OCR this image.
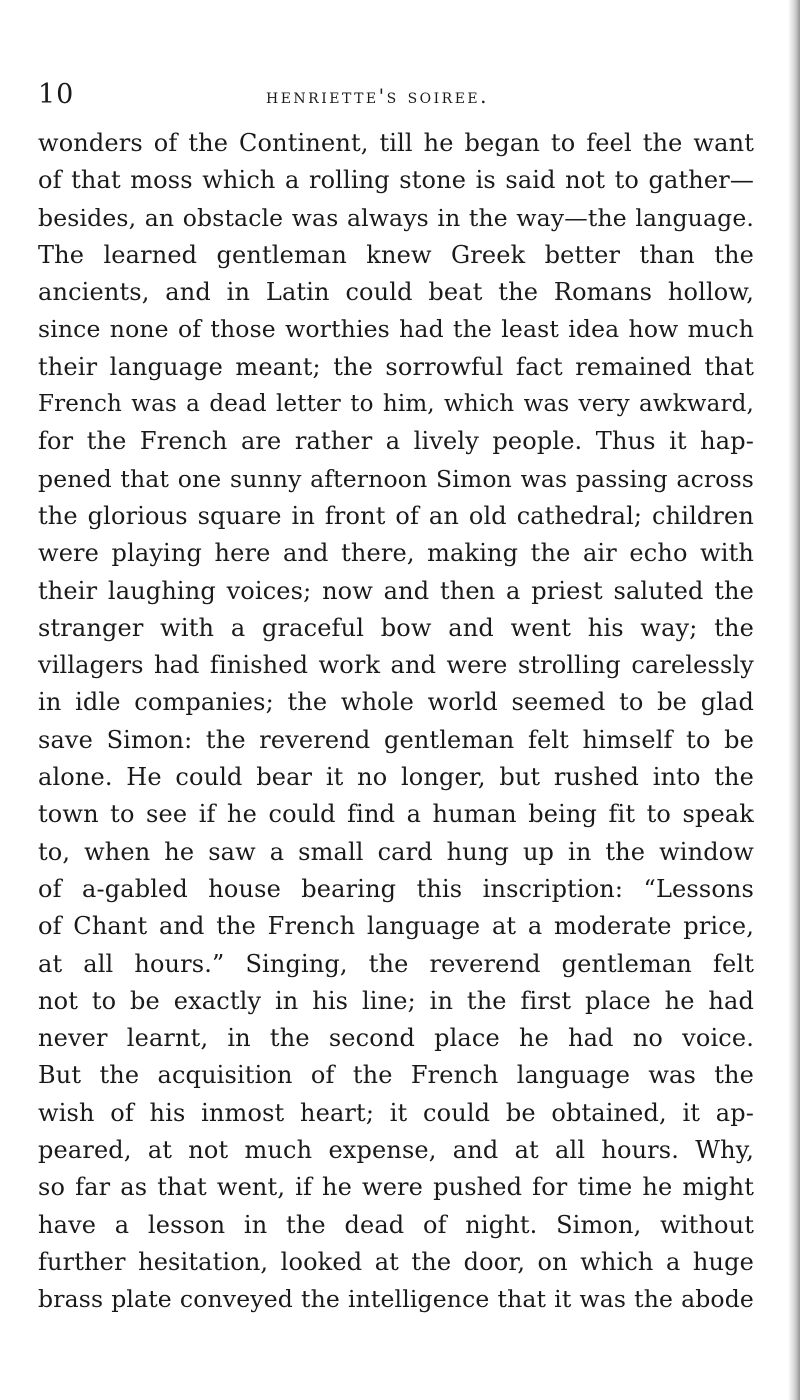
10	henriette's soiree.
wonders of the Continent, till he began to feel the want
of that moss which a rolling stone is said not to gather—
besides, an obstacle was always in the way—the language.
The learned gentleman knew Greek better than the
ancients, and in Latin could beat the Romans hollow,
since none of those worthies had the least idea how much
their language meant; the sorrowful fact remained that
French was a dead letter to him, which was very awkward,
for the French are rather a lively people. Thus it hap-
pened that one sunny afternoon Simon was passing across
the glorious square in front of an old cathedral; children
were playing here and there, making the air echo with
their laughing voices; now and then a priest saluted the
stranger with a graceful bow and went his way; the
villagers had finished work and were strolling carelessly
in idle companies; the whole world seemed to be glad
save Simon: the reverend gentleman felt himself to be
alone. He could bear it no longer, but rushed into the
town to see if he could find a human being fit to speak
to, when he saw a small card hung up in the window
of a-gabled house bearing this inscription: “Lessons
of Chant and the French language at a moderate price,
at all hours.” Singing, the reverend gentleman felt
not to be exactly in his line; in the first place he had
never learnt, in the second place he had no voice.
But the acquisition of the French language was the
wish of his inmost heart; it could be obtained, it ap-
peared, at not much expense, and at all hours. Why,
so far as that went, if he were pushed for time he might
have a lesson in the dead of night. Simon, without
further hesitation, looked at the door, on which a huge
brass plate conveyed the intelligence that it was the abode
